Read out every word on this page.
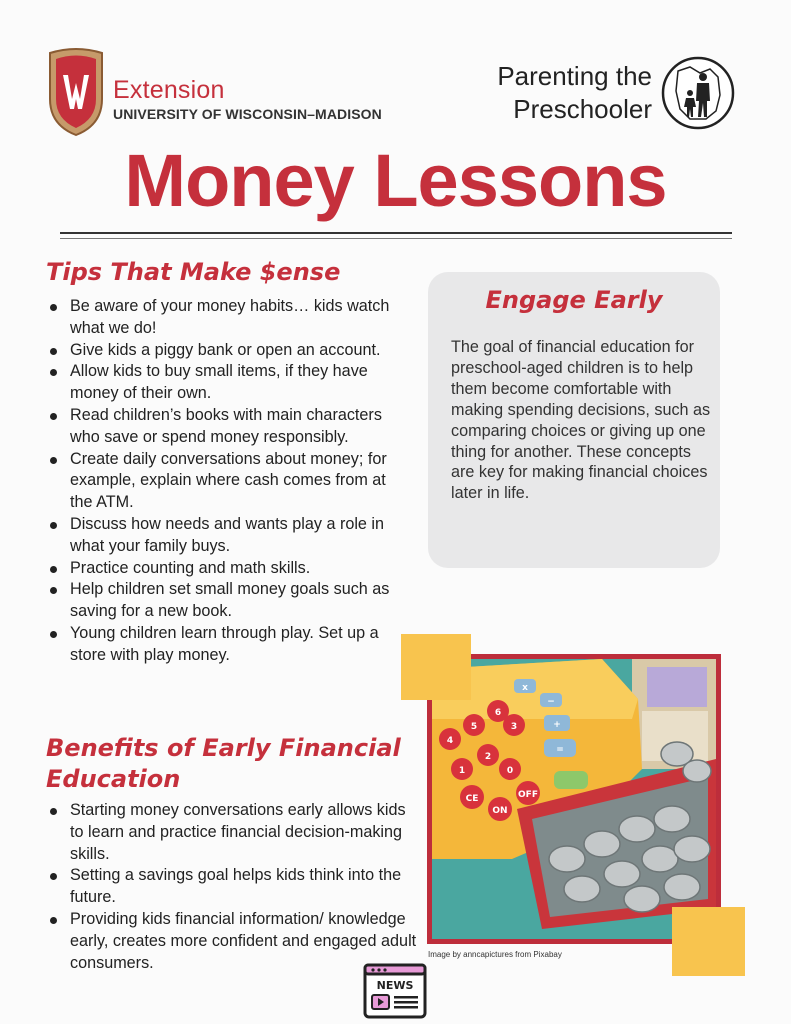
Extension
UNIVERSITY OF WISCONSIN–MADISON
Parenting the
Preschooler
Money Lessons
Tips That Make $ense
Be aware of your money habits… kids watch what we do!
Give kids a piggy bank or open an account.
Allow kids to buy small items, if they have money of their own.
Read children’s books with main characters who save or spend money responsibly.
Create daily conversations about money; for example, explain where cash comes from at the ATM.
Discuss how needs and wants play a role in what your family buys.
Practice counting and math skills.
Help children set small money goals such as saving for a new book.
Young children learn through play. Set up a store with play money.
Engage Early
The goal of financial education for preschool-aged children is to help them become comfortable with making spending decisions, such as comparing choices or giving up one thing for another. These concepts are key for making financial choices later in life.
Benefits of Early Financial Education
Starting money conversations early allows kids to learn and practice financial decision-making skills.
Setting a savings goal helps kids think into the future.
Providing kids financial information/ knowledge early, creates more confident and engaged adult consumers.
4
5
6
x
−
3	+
2
1
=
CE
0
ON
OFF
Image by anncapictures from Pixabay
NEWS
